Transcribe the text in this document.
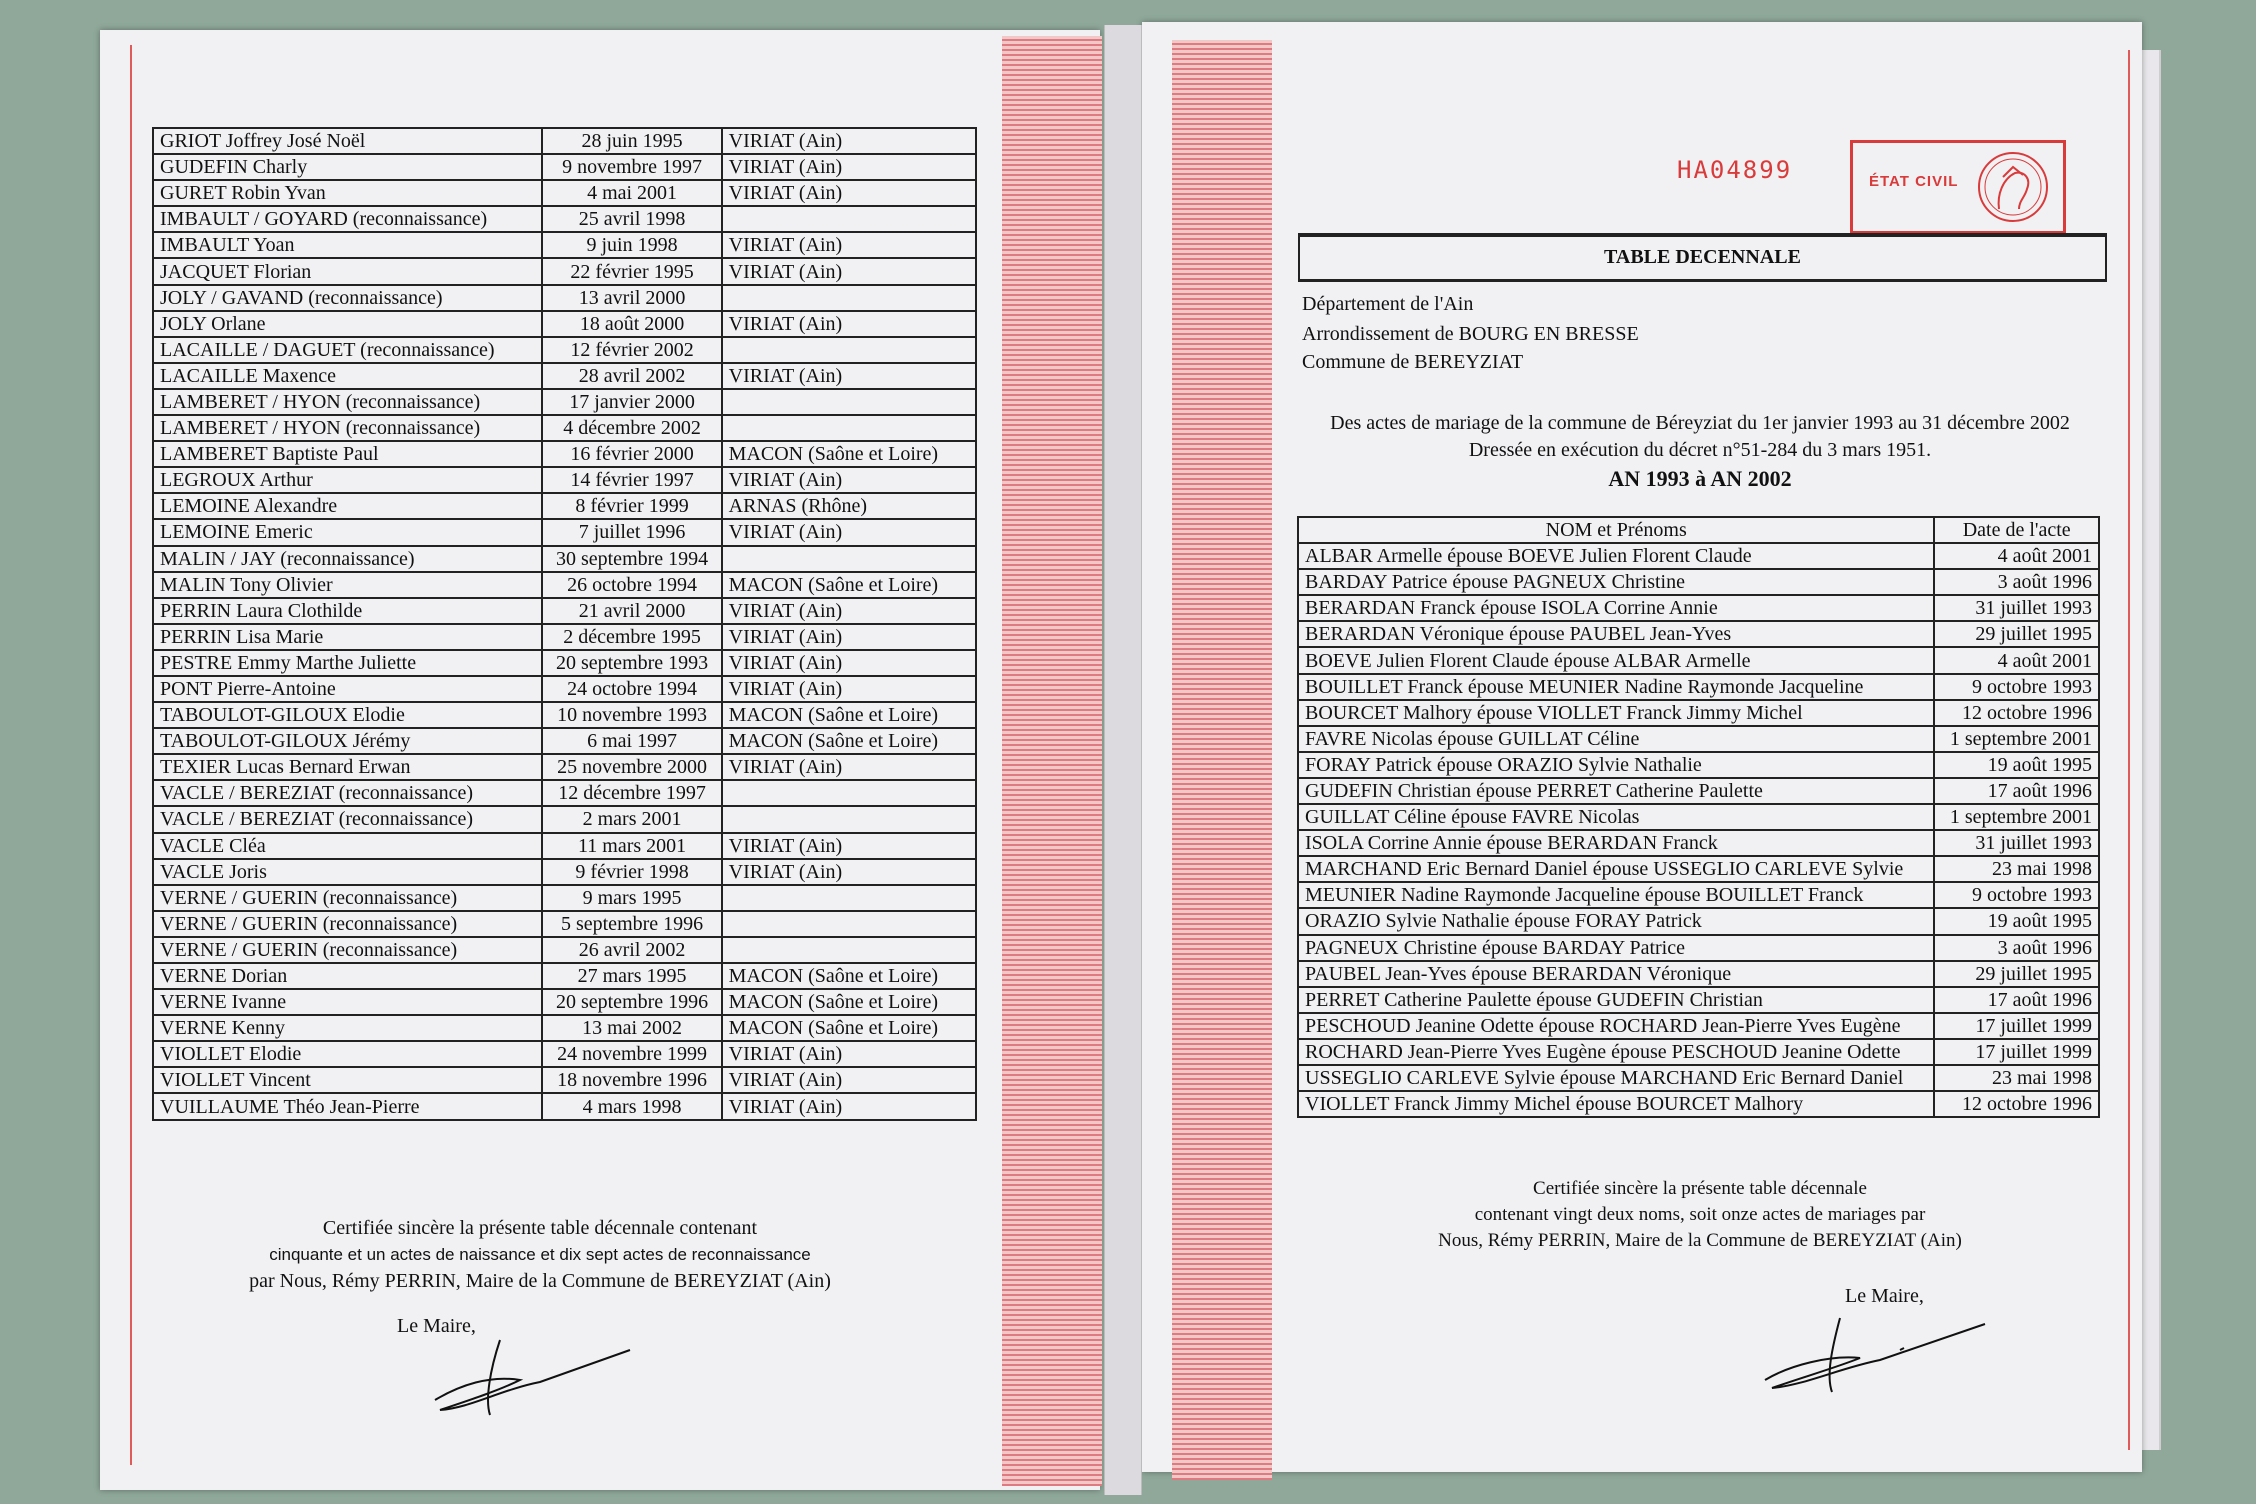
GRIOT Joffrey José Noël	28 juin 1995	VIRIAT (Ain)
GUDEFIN Charly	9 novembre 1997	VIRIAT (Ain)
GURET Robin Yvan	4 mai 2001	VIRIAT (Ain)
IMBAULT / GOYARD (reconnaissance)	25 avril 1998	
IMBAULT Yoan	9 juin 1998	VIRIAT (Ain)
JACQUET Florian	22 février 1995	VIRIAT (Ain)
JOLY / GAVAND (reconnaissance)	13 avril 2000	
JOLY Orlane	18 août 2000	VIRIAT (Ain)
LACAILLE / DAGUET (reconnaissance)	12 février 2002	
LACAILLE Maxence	28 avril 2002	VIRIAT (Ain)
LAMBERET / HYON (reconnaissance)	17 janvier 2000	
LAMBERET / HYON (reconnaissance)	4 décembre 2002	
LAMBERET Baptiste Paul	16 février 2000	MACON (Saône et Loire)
LEGROUX Arthur	14 février 1997	VIRIAT (Ain)
LEMOINE Alexandre	8 février 1999	ARNAS (Rhône)
LEMOINE Emeric	7 juillet 1996	VIRIAT (Ain)
MALIN / JAY (reconnaissance)	30 septembre 1994	
MALIN Tony Olivier	26 octobre 1994	MACON (Saône et Loire)
PERRIN Laura Clothilde	21 avril 2000	VIRIAT (Ain)
PERRIN Lisa Marie	2 décembre 1995	VIRIAT (Ain)
PESTRE Emmy Marthe Juliette	20 septembre 1993	VIRIAT (Ain)
PONT Pierre-Antoine	24 octobre 1994	VIRIAT (Ain)
TABOULOT-GILOUX Elodie	10 novembre 1993	MACON (Saône et Loire)
TABOULOT-GILOUX Jérémy	6 mai 1997	MACON (Saône et Loire)
TEXIER Lucas Bernard Erwan	25 novembre 2000	VIRIAT (Ain)
VACLE / BEREZIAT (reconnaissance)	12 décembre 1997	
VACLE / BEREZIAT (reconnaissance)	2 mars 2001	
VACLE Cléa	11 mars 2001	VIRIAT (Ain)
VACLE Joris	9 février 1998	VIRIAT (Ain)
VERNE / GUERIN (reconnaissance)	9 mars 1995	
VERNE / GUERIN (reconnaissance)	5 septembre 1996	
VERNE / GUERIN (reconnaissance)	26 avril 2002	
VERNE Dorian	27 mars 1995	MACON (Saône et Loire)
VERNE Ivanne	20 septembre 1996	MACON (Saône et Loire)
VERNE Kenny	13 mai 2002	MACON (Saône et Loire)
VIOLLET Elodie	24 novembre 1999	VIRIAT (Ain)
VIOLLET Vincent	18 novembre 1996	VIRIAT (Ain)
VUILLAUME Théo Jean-Pierre	4 mars 1998	VIRIAT (Ain)
Certifiée sincère la présente table décennale contenant
cinquante et un actes de naissance et dix sept actes de reconnaissance
par Nous, Rémy PERRIN, Maire de la Commune de BEREYZIAT (Ain)
Le Maire,
HA04899	ÉTAT CIVIL
TABLE DECENNALE
Département de l'Ain
Arrondissement de BOURG EN BRESSE
Commune de BEREYZIAT
Des actes de mariage de la commune de Béreyziat du 1er janvier 1993 au 31 décembre 2002
Dressée en exécution du décret n°51-284 du 3 mars 1951.
AN 1993 à AN 2002
NOM et Prénoms	Date de l'acte
ALBAR Armelle épouse BOEVE Julien Florent Claude	4 août 2001
BARDAY Patrice épouse PAGNEUX Christine	3 août 1996
BERARDAN Franck épouse ISOLA Corrine Annie	31 juillet 1993
BERARDAN Véronique épouse PAUBEL Jean-Yves	29 juillet 1995
BOEVE Julien Florent Claude épouse ALBAR Armelle	4 août 2001
BOUILLET Franck épouse MEUNIER Nadine Raymonde Jacqueline	9 octobre 1993
BOURCET Malhory épouse VIOLLET Franck Jimmy Michel	12 octobre 1996
FAVRE Nicolas épouse GUILLAT Céline	1 septembre 2001
FORAY Patrick épouse ORAZIO Sylvie Nathalie	19 août 1995
GUDEFIN Christian épouse PERRET Catherine Paulette	17 août 1996
GUILLAT Céline épouse FAVRE Nicolas	1 septembre 2001
ISOLA Corrine Annie épouse BERARDAN Franck	31 juillet 1993
MARCHAND Eric Bernard Daniel épouse USSEGLIO CARLEVE Sylvie	23 mai 1998
MEUNIER Nadine Raymonde Jacqueline épouse BOUILLET Franck	9 octobre 1993
ORAZIO Sylvie Nathalie épouse FORAY Patrick	19 août 1995
PAGNEUX Christine épouse BARDAY Patrice	3 août 1996
PAUBEL Jean-Yves épouse BERARDAN Véronique	29 juillet 1995
PERRET Catherine Paulette épouse GUDEFIN Christian	17 août 1996
PESCHOUD Jeanine Odette épouse ROCHARD Jean-Pierre Yves Eugène	17 juillet 1999
ROCHARD Jean-Pierre Yves Eugène épouse PESCHOUD Jeanine Odette	17 juillet 1999
USSEGLIO CARLEVE Sylvie épouse MARCHAND Eric Bernard Daniel	23 mai 1998
VIOLLET Franck Jimmy Michel épouse BOURCET Malhory	12 octobre 1996
Certifiée sincère la présente table décennale
contenant vingt deux noms, soit onze actes de mariages par
Nous, Rémy PERRIN, Maire de la Commune de BEREYZIAT (Ain)
Le Maire,
